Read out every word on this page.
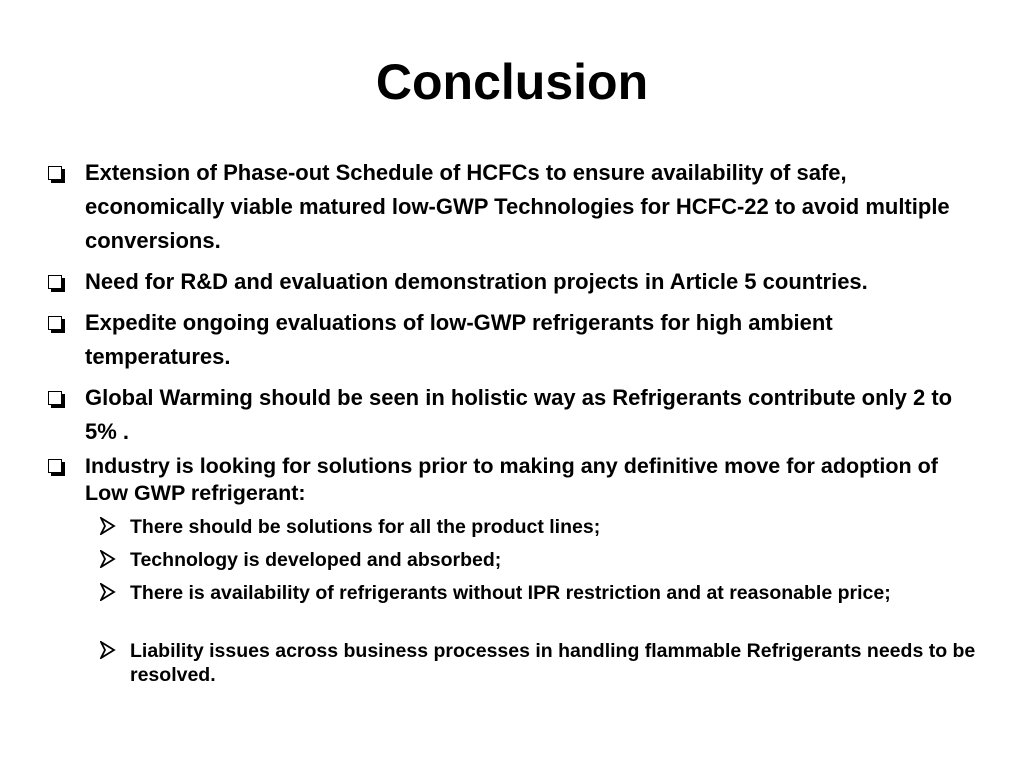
Conclusion
Extension of Phase-out Schedule of HCFCs to ensure availability of safe, economically viable matured low-GWP Technologies for HCFC-22 to avoid multiple conversions.
Need for R&D and evaluation demonstration projects in Article 5 countries.
Expedite ongoing evaluations of low-GWP refrigerants for high ambient temperatures.
Global Warming should be seen in holistic way as Refrigerants contribute only 2 to 5% .
Industry is looking for solutions prior to making any definitive move for adoption of Low GWP refrigerant:
There should be solutions for all the product lines;
Technology is developed and absorbed;
There is availability of refrigerants without IPR restriction and at reasonable price;
Liability issues across business processes in handling flammable Refrigerants needs to be resolved.
